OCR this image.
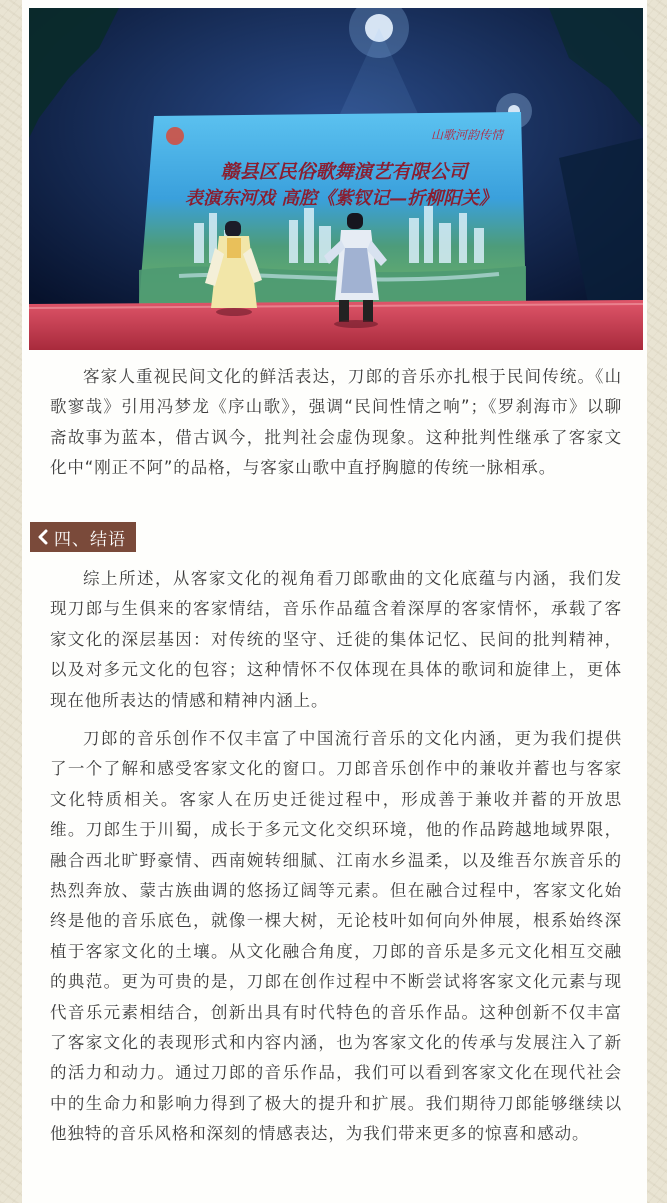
赣县区民俗歌舞演艺有限公司
表演东河戏 高腔《紫钗记—折柳阳关》
山歌河韵传情

客家人重视民间文化的鲜活表达，刀郎的音乐亦扎根于民间传统。《山歌寥哉》引用冯梦龙《序山歌》，强调“民间性情之响”；《罗刹海市》以聊斋故事为蓝本，借古讽今，批判社会虚伪现象。这种批判性继承了客家文化中“刚正不阿”的品格，与客家山歌中直抒胸臆的传统一脉相承。

四、结语

综上所述，从客家文化的视角看刀郎歌曲的文化底蕴与内涵，我们发现刀郎与生俱来的客家情结，音乐作品蕴含着深厚的客家情怀，承载了客家文化的深层基因：对传统的坚守、迁徙的集体记忆、民间的批判精神，以及对多元文化的包容；这种情怀不仅体现在具体的歌词和旋律上，更体现在他所表达的情感和精神内涵上。

刀郎的音乐创作不仅丰富了中国流行音乐的文化内涵，更为我们提供了一个了解和感受客家文化的窗口。刀郎音乐创作中的兼收并蓄也与客家文化特质相关。客家人在历史迁徙过程中，形成善于兼收并蓄的开放思维。刀郎生于川蜀，成长于多元文化交织环境，他的作品跨越地域界限，融合西北旷野豪情、西南婉转细腻、江南水乡温柔，以及维吾尔族音乐的热烈奔放、蒙古族曲调的悠扬辽阔等元素。但在融合过程中，客家文化始终是他的音乐底色，就像一棵大树，无论枝叶如何向外伸展，根系始终深植于客家文化的土壤。从文化融合角度，刀郎的音乐是多元文化相互交融的典范。更为可贵的是，刀郎在创作过程中不断尝试将客家文化元素与现代音乐元素相结合，创新出具有时代特色的音乐作品。这种创新不仅丰富了客家文化的表现形式和内容内涵，也为客家文化的传承与发展注入了新的活力和动力。通过刀郎的音乐作品，我们可以看到客家文化在现代社会中的生命力和影响力得到了极大的提升和扩展。我们期待刀郎能够继续以他独特的音乐风格和深刻的情感表达，为我们带来更多的惊喜和感动。
